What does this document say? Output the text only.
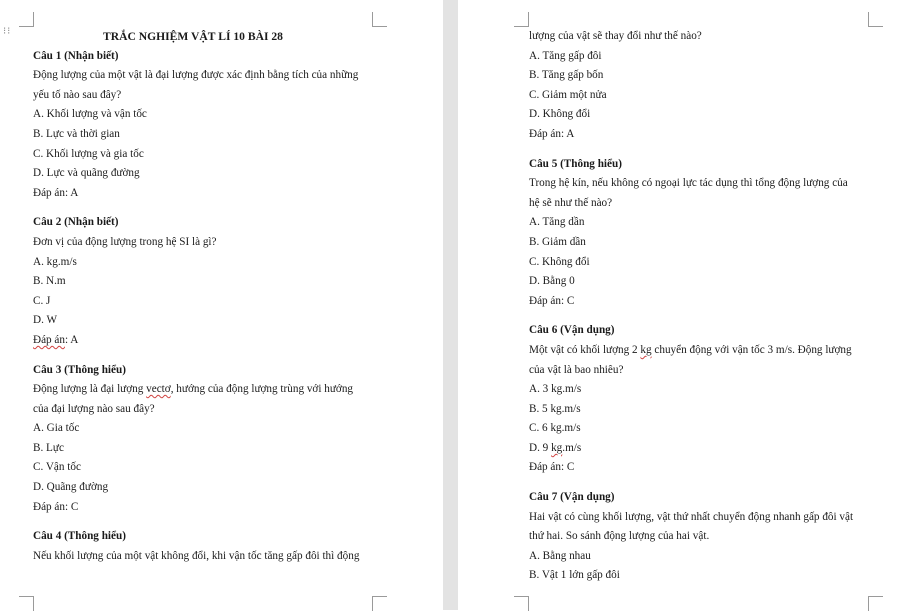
⁝⁝	TRẮC NGHIỆM VẬT LÍ 10 BÀI 28
Câu 1 (Nhận biết)
Động lượng của một vật là đại lượng được xác định bằng tích của những
yếu tố nào sau đây?
A. Khối lượng và vận tốc
B. Lực và thời gian
C. Khối lượng và gia tốc
D. Lực và quãng đường
Đáp án: A
Câu 2 (Nhận biết)
Đơn vị của động lượng trong hệ SI là gì?
A. kg.m/s
B. N.m
C. J
D. W
Đáp án: A
Câu 3 (Thông hiểu)
Động lượng là đại lượng vectơ, hướng của động lượng trùng với hướng
của đại lượng nào sau đây?
A. Gia tốc
B. Lực
C. Vận tốc
D. Quãng đường
Đáp án: C
Câu 4 (Thông hiểu)
Nếu khối lượng của một vật không đổi, khi vận tốc tăng gấp đôi thì động
lượng của vật sẽ thay đổi như thế nào?
A. Tăng gấp đôi
B. Tăng gấp bốn
C. Giảm một nửa
D. Không đổi
Đáp án: A
Câu 5 (Thông hiểu)
Trong hệ kín, nếu không có ngoại lực tác dụng thì tổng động lượng của
hệ sẽ như thế nào?
A. Tăng dần
B. Giảm dần
C. Không đổi
D. Bằng 0
Đáp án: C
Câu 6 (Vận dụng)
Một vật có khối lượng 2 kg chuyển động với vận tốc 3 m/s. Động lượng
của vật là bao nhiêu?
A. 3 kg.m/s
B. 5 kg.m/s
C. 6 kg.m/s
D. 9 kg.m/s
Đáp án: C
Câu 7 (Vận dụng)
Hai vật có cùng khối lượng, vật thứ nhất chuyển động nhanh gấp đôi vật
thứ hai. So sánh động lượng của hai vật.
A. Bằng nhau
B. Vật 1 lớn gấp đôi
